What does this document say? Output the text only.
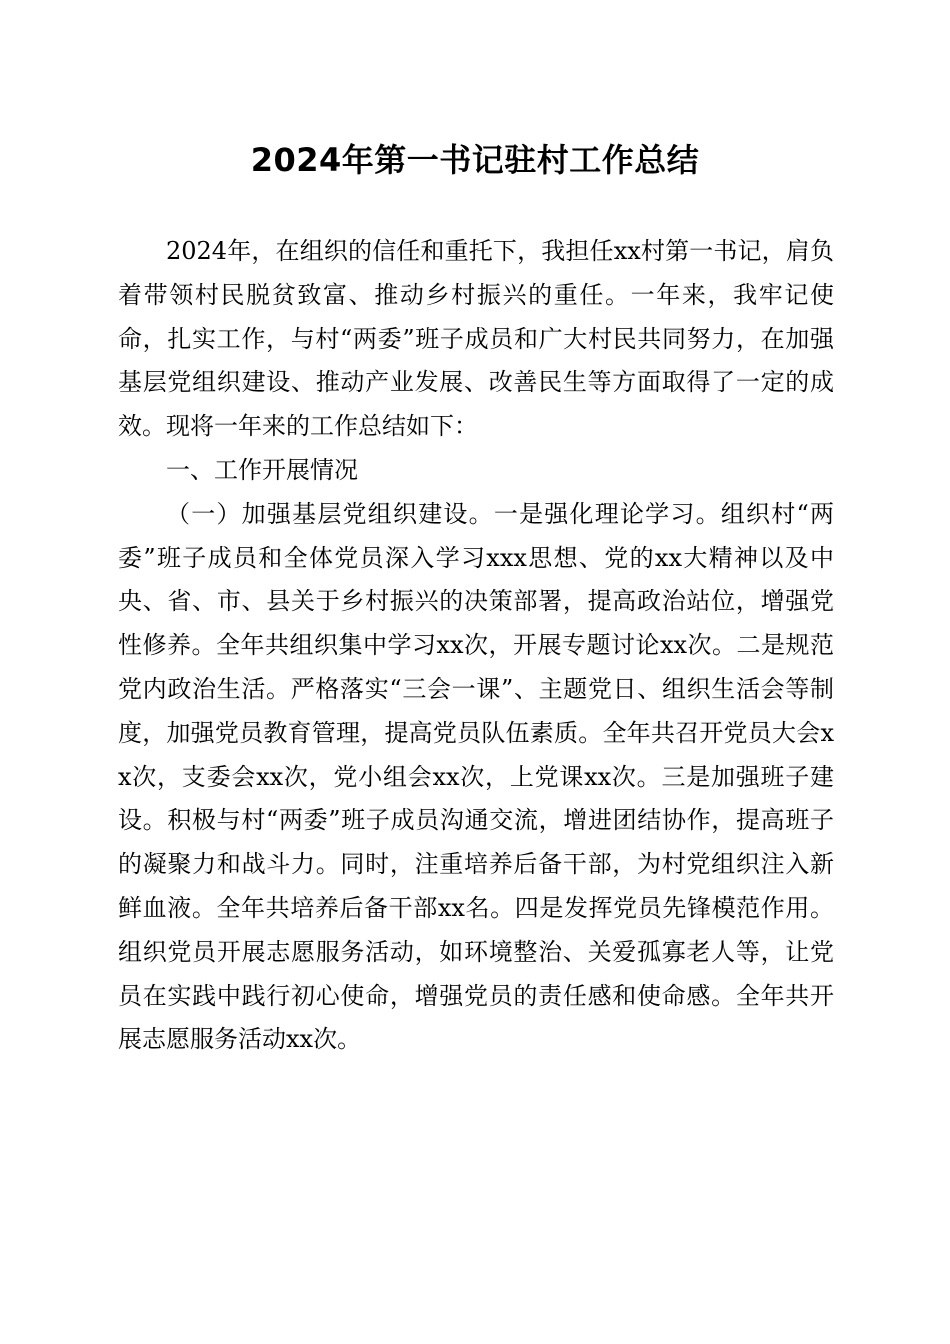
2024年第一书记驻村工作总结

2024年，在组织的信任和重托下，我担任xx村第一书记，肩负着带领村民脱贫致富、推动乡村振兴的重任。一年来，我牢记使命，扎实工作，与村“两委”班子成员和广大村民共同努力，在加强基层党组织建设、推动产业发展、改善民生等方面取得了一定的成效。现将一年来的工作总结如下：

一、工作开展情况

（一）加强基层党组织建设。一是强化理论学习。组织村“两委”班子成员和全体党员深入学习xxx思想、党的xx大精神以及中央、省、市、县关于乡村振兴的决策部署，提高政治站位，增强党性修养。全年共组织集中学习xx次，开展专题讨论xx次。二是规范党内政治生活。严格落实“三会一课”、主题党日、组织生活会等制度，加强党员教育管理，提高党员队伍素质。全年共召开党员大会xx次，支委会xx次，党小组会xx次，上党课xx次。三是加强班子建设。积极与村“两委”班子成员沟通交流，增进团结协作，提高班子的凝聚力和战斗力。同时，注重培养后备干部，为村党组织注入新鲜血液。全年共培养后备干部xx名。四是发挥党员先锋模范作用。组织党员开展志愿服务活动，如环境整治、关爱孤寡老人等，让党员在实践中践行初心使命，增强党员的责任感和使命感。全年共开展志愿服务活动xx次。
